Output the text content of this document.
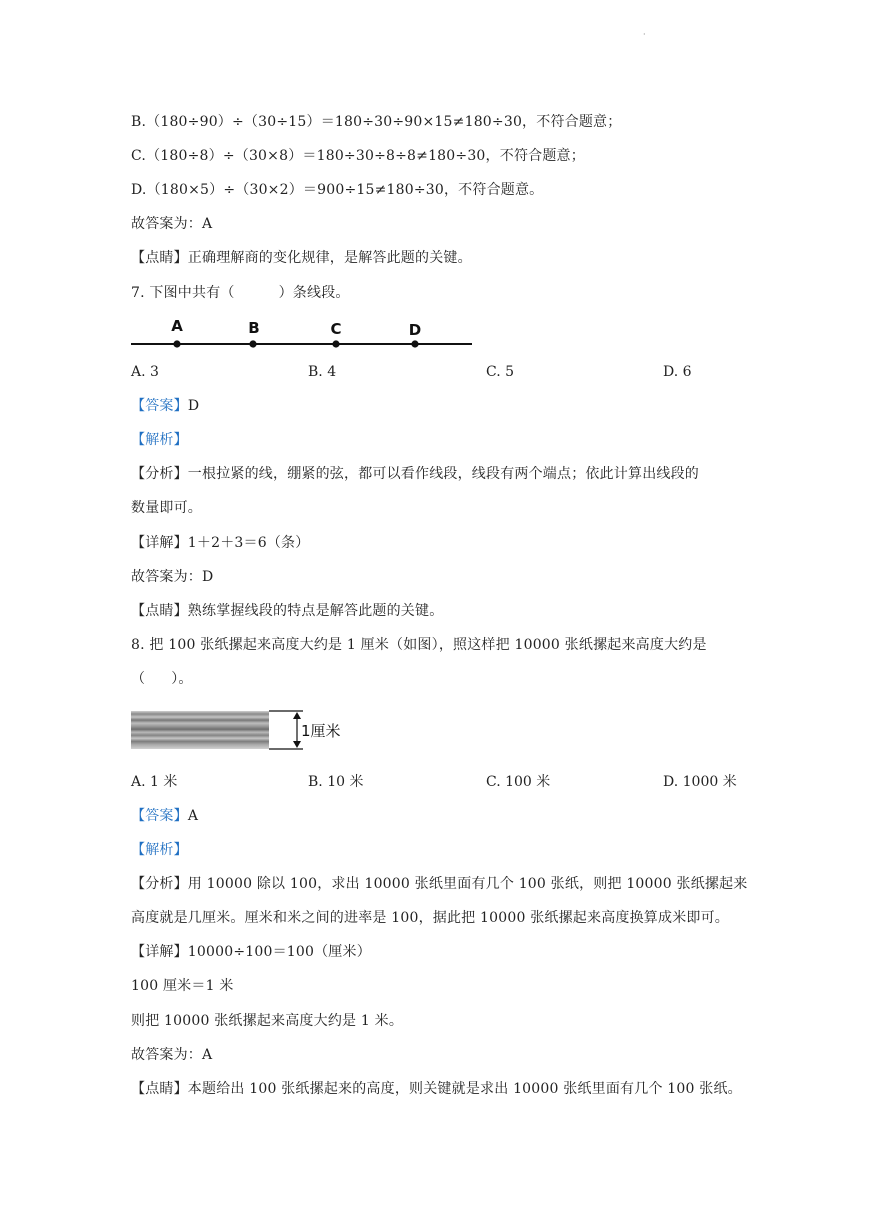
·
B.（180÷90）÷（30÷15）＝180÷30÷90×15≠180÷30，不符合题意；
C.（180÷8）÷（30×8）＝180÷30÷8÷8≠180÷30，不符合题意；
D.（180×5）÷（30×2）＝900÷15≠180÷30，不符合题意。
故答案为：A
【点睛】正确理解商的变化规律，是解答此题的关键。
7. 下图中共有（	）条线段。
A	B	C	D
A. 3	B. 4	C. 5	D. 6
【答案】D
【解析】
【分析】一根拉紧的线，绷紧的弦，都可以看作线段，线段有两个端点；依此计算出线段的
数量即可。
【详解】1＋2＋3＝6（条）
故答案为：D
【点睛】熟练掌握线段的特点是解答此题的关键。
8. 把 100 张纸摞起来高度大约是 1 厘米（如图），照这样把 10000 张纸摞起来高度大约是
（ ）。
1厘米
A. 1 米	B. 10 米	C. 100 米	D. 1000 米
【答案】A
【解析】
【分析】用 10000 除以 100，求出 10000 张纸里面有几个 100 张纸，则把 10000 张纸摞起来
高度就是几厘米。厘米和米之间的进率是 100，据此把 10000 张纸摞起来高度换算成米即可。
【详解】10000÷100＝100（厘米）
100 厘米＝1 米
则把 10000 张纸摞起来高度大约是 1 米。
故答案为：A
【点睛】本题给出 100 张纸摞起来的高度，则关键就是求出 10000 张纸里面有几个 100 张纸。
